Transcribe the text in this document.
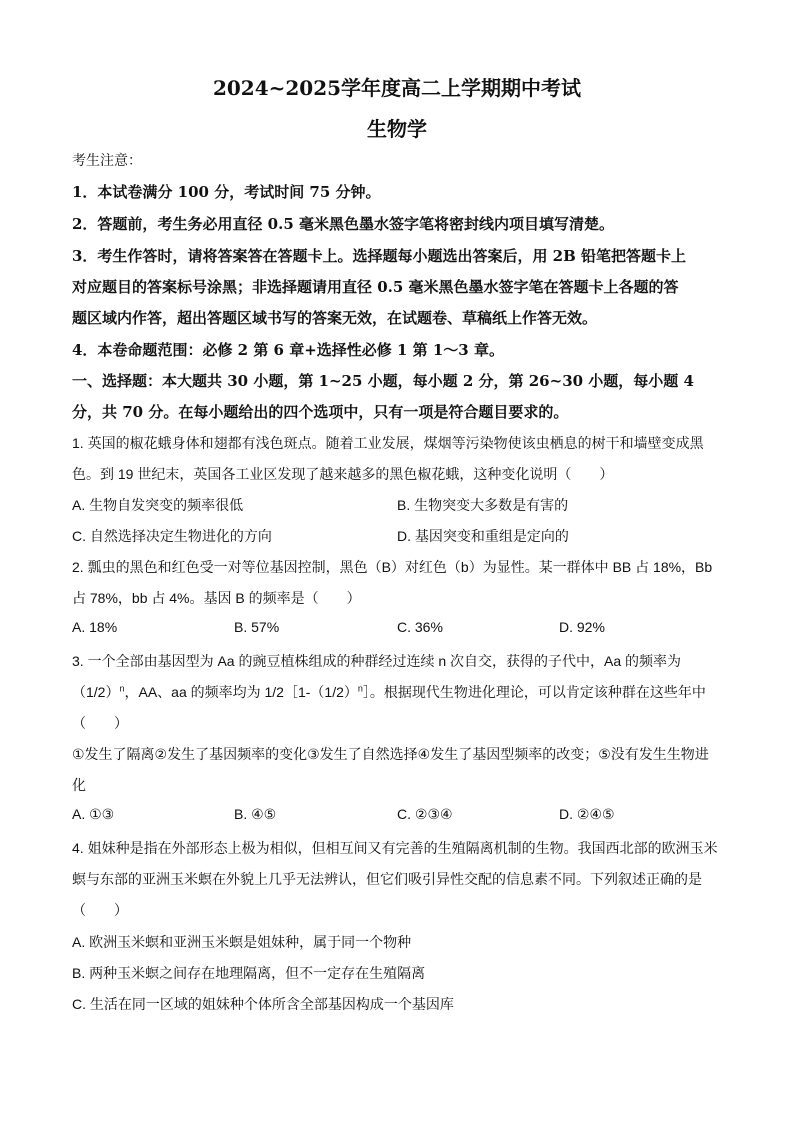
2024~2025学年度高二上学期期中考试
生物学
考生注意：
1．本试卷满分 100 分，考试时间 75 分钟。
2．答题前，考生务必用直径 0.5 毫米黑色墨水签字笔将密封线内项目填写清楚。
3．考生作答时，请将答案答在答题卡上。选择题每小题选出答案后，用 2B 铅笔把答题卡上
对应题目的答案标号涂黑；非选择题请用直径 0.5 毫米黑色墨水签字笔在答题卡上各题的答
题区域内作答，超出答题区域书写的答案无效，在试题卷、草稿纸上作答无效。
4．本卷命题范围：必修 2 第 6 章+选择性必修 1 第 1～3 章。
一、选择题：本大题共 30 小题，第 1~25 小题，每小题 2 分，第 26~30 小题，每小题 4
分，共 70 分。在每小题给出的四个选项中，只有一项是符合题目要求的。
1. 英国的椒花蛾身体和翅都有浅色斑点。随着工业发展，煤烟等污染物使该虫栖息的树干和墙壁变成黑
色。到 19 世纪末，英国各工业区发现了越来越多的黑色椒花蛾，这种变化说明（　　）
A. 生物自发突变的频率很低	B. 生物突变大多数是有害的
C. 自然选择决定生物进化的方向	D. 基因突变和重组是定向的
2. 瓢虫的黑色和红色受一对等位基因控制，黑色（B）对红色（b）为显性。某一群体中 BB 占 18%，Bb
占 78%，bb 占 4%。基因 B 的频率是（　　）
A. 18%	B. 57%	C. 36%	D. 92%
3. 一个全部由基因型为 Aa 的豌豆植株组成的种群经过连续 n 次自交，获得的子代中，Aa 的频率为
$(1/2)^n$，AA、aa 的频率均为 $1/2[1-(1/2)^n]$。根据现代生物进化理论，可以肯定该种群在这些年中
（　　）
①发生了隔离②发生了基因频率的变化③发生了自然选择④发生了基因型频率的改变；⑤没有发生生物进
化
A. ①③	B. ④⑤	C. ②③④	D. ②④⑤
4. 姐妹种是指在外部形态上极为相似，但相互间又有完善的生殖隔离机制的生物。我国西北部的欧洲玉米
螟与东部的亚洲玉米螟在外貌上几乎无法辨认，但它们吸引异性交配的信息素不同。下列叙述正确的是
（　　）
A. 欧洲玉米螟和亚洲玉米螟是姐妹种，属于同一个物种
B. 两种玉米螟之间存在地理隔离，但不一定存在生殖隔离
C. 生活在同一区域的姐妹种个体所含全部基因构成一个基因库
